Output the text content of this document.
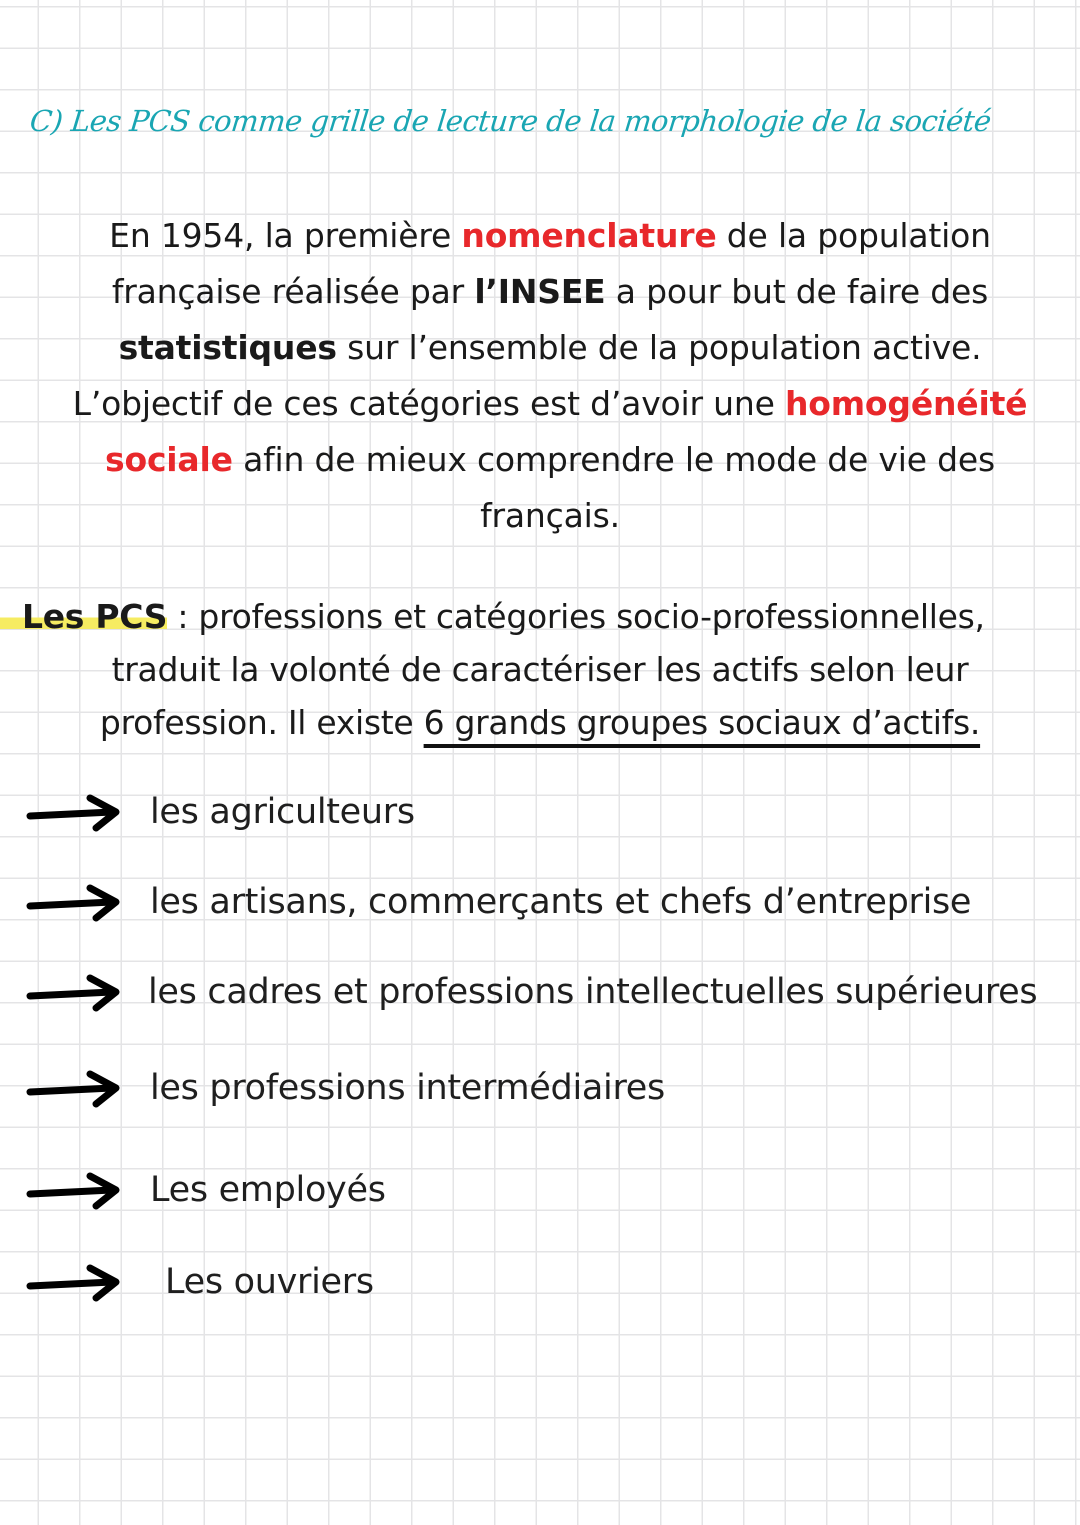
C) Les PCS comme grille de lecture de la morphologie de la société
En 1954, la première nomenclature de la population
française réalisée par l’INSEE a pour but de faire des
statistiques sur l’ensemble de la population active.
L’objectif de ces catégories est d’avoir une homogénéité
sociale afin de mieux comprendre le mode de vie des
français.
Les PCS : professions et catégories socio-professionnelles,
traduit la volonté de caractériser les actifs selon leur
profession. Il existe 6 grands groupes sociaux d’actifs.
les agriculteurs
les artisans, commerçants et chefs d’entreprise
les cadres et professions intellectuelles supérieures
les professions intermédiaires
Les employés
Les ouvriers
